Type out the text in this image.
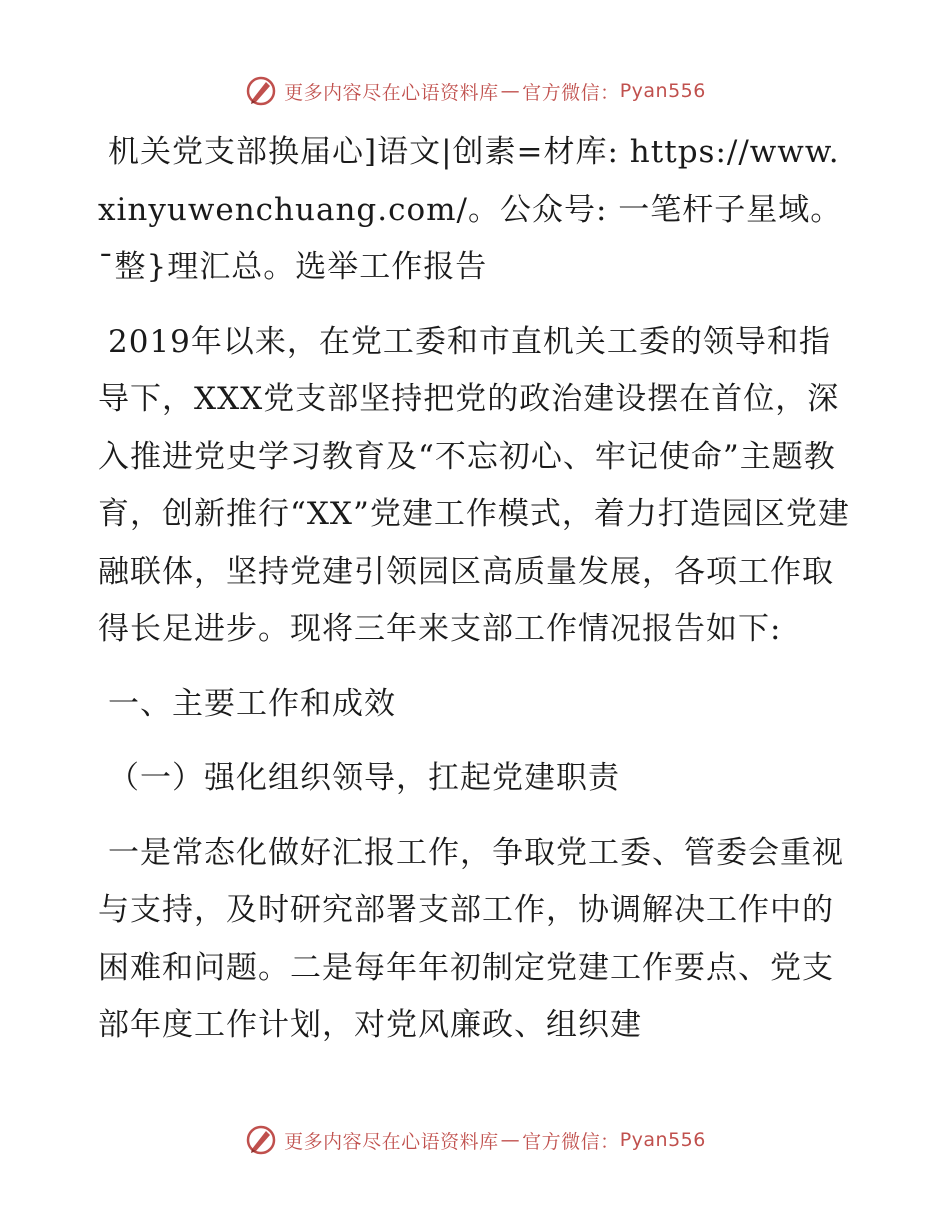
更多内容尽在心语资料库 — 官方微信： Pyan556

机关党支部换届心]语文|创素=材库: https://www.xinyuwenchuang.com/。公众号: 一笔杆子星域。¯整}理汇总。选举工作报告

2019年以来，在党工委和市直机关工委的领导和指导下，XXX党支部坚持把党的政治建设摆在首位，深入推进党史学习教育及“不忘初心、牢记使命”主题教育，创新推行“XX”党建工作模式，着力打造园区党建融联体，坚持党建引领园区高质量发展，各项工作取得长足进步。现将三年来支部工作情况报告如下:

一、主要工作和成效

（一）强化组织领导，扛起党建职责

一是常态化做好汇报工作，争取党工委、管委会重视与支持，及时研究部署支部工作，协调解决工作中的困难和问题。二是每年年初制定党建工作要点、党支部年度工作计划，对党风廉政、组织建

更多内容尽在心语资料库 — 官方微信： Pyan556
